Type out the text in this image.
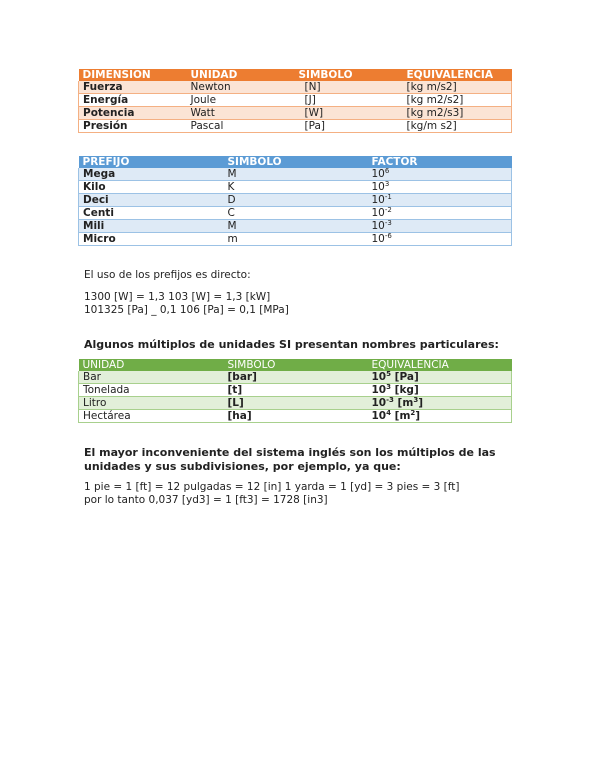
DIMENSION	UNIDAD	SIMBOLO	EQUIVALENCIA
Fuerza	Newton	[N]	[kg m/s2]
Energía	Joule	[J]	[kg m2/s2]
Potencia	Watt	[W]	[kg m2/s3]
Presión	Pascal	[Pa]	[kg/m s2]
PREFIJO	SIMBOLO	FACTOR
Mega	M	$10^6$
Kilo	K	$10^3$
Deci	D	$10^{-1}$
Centi	C	$10^{-2}$
Mili	M	$10^{-3}$
Micro	m	$10^{-6}$
El uso de los prefijos es directo:
1300 [W] = 1,3 103 [W] = 1,3 [kW]
101325 [Pa] _ 0,1 106 [Pa] = 0,1 [MPa]
Algunos múltiplos de unidades SI presentan nombres particulares:
UNIDAD	SIMBOLO	EQUIVALENCIA
Bar	[bar]	$10^5$ [Pa]
Tonelada	[t]	$10^3$ [kg]
Litro	[L]	$10^{-3}$ $[m^3]$
Hectárea	[ha]	$10^4$ $[m^2]$
El mayor inconveniente del sistema inglés son los múltiplos de las
unidades y sus subdivisiones, por ejemplo, ya que:
1 pie = 1 [ft] = 12 pulgadas = 12 [in] 1 yarda = 1 [yd] = 3 pies = 3 [ft]
por lo tanto 0,037 [yd3] = 1 [ft3] = 1728 [in3]
